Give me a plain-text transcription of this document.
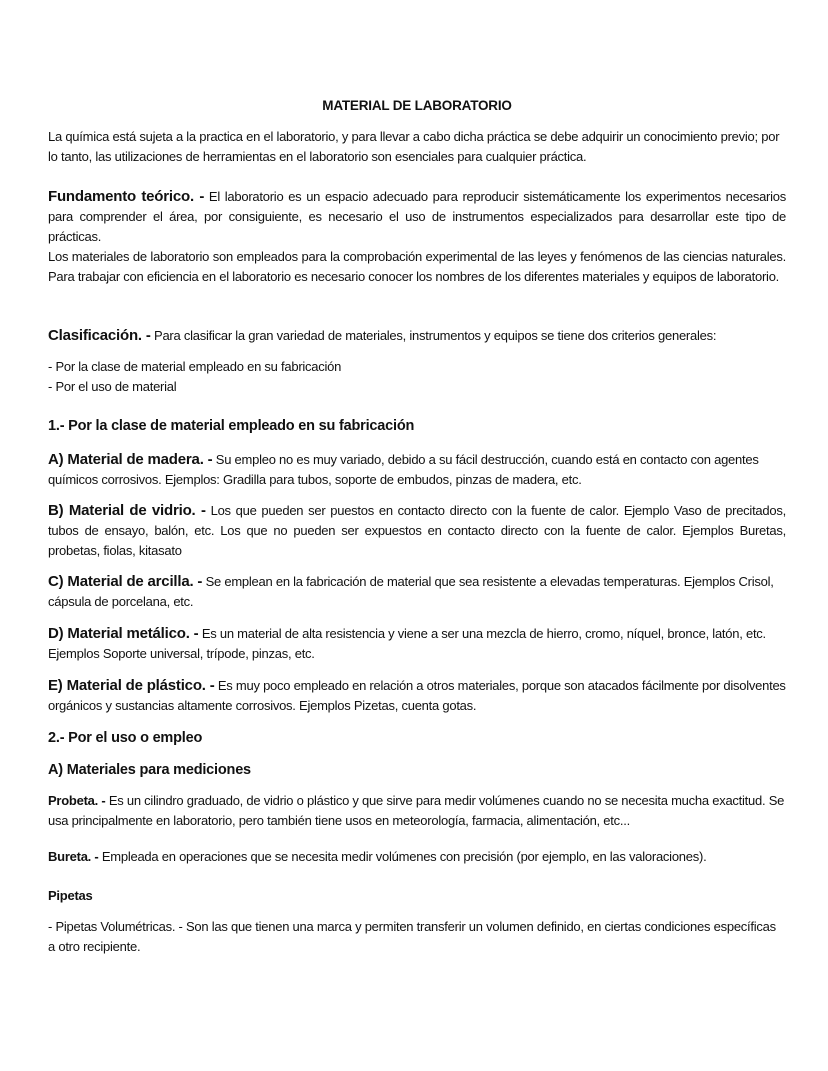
MATERIAL DE LABORATORIO

La química está sujeta a la practica en el laboratorio, y para llevar a cabo dicha práctica se debe adquirir un conocimiento previo; por lo tanto, las utilizaciones de herramientas en el laboratorio son esenciales para cualquier práctica.

Fundamento teórico. - El laboratorio es un espacio adecuado para reproducir sistemáticamente los experimentos necesarios para comprender el área, por consiguiente, es necesario el uso de instrumentos especializados para desarrollar este tipo de prácticas.

Los materiales de laboratorio son empleados para la comprobación experimental de las leyes y fenómenos de las ciencias naturales. Para trabajar con eficiencia en el laboratorio es necesario conocer los nombres de los diferentes materiales y equipos de laboratorio.

Clasificación. - Para clasificar la gran variedad de materiales, instrumentos y equipos se tiene dos criterios generales:

- Por la clase de material empleado en su fabricación

- Por el uso de material

1.- Por la clase de material empleado en su fabricación

A) Material de madera. - Su empleo no es muy variado, debido a su fácil destrucción, cuando está en contacto con agentes químicos corrosivos. Ejemplos: Gradilla para tubos, soporte de embudos, pinzas de madera, etc.

B) Material de vidrio. - Los que pueden ser puestos en contacto directo con la fuente de calor. Ejemplo Vaso de precitados, tubos de ensayo, balón, etc. Los que no pueden ser expuestos en contacto directo con la fuente de calor. Ejemplos Buretas, probetas, fiolas, kitasato

C) Material de arcilla. - Se emplean en la fabricación de material que sea resistente a elevadas temperaturas. Ejemplos Crisol, cápsula de porcelana, etc.

D) Material metálico. - Es un material de alta resistencia y viene a ser una mezcla de hierro, cromo, níquel, bronce, latón, etc. Ejemplos Soporte universal, trípode, pinzas, etc.

E) Material de plástico. - Es muy poco empleado en relación a otros materiales, porque son atacados fácilmente por disolventes orgánicos y sustancias altamente corrosivos. Ejemplos Pizetas, cuenta gotas.

2.- Por el uso o empleo
A) Materiales para mediciones

Probeta. - Es un cilindro graduado, de vidrio o plástico y que sirve para medir volúmenes cuando no se necesita mucha exactitud. Se usa principalmente en laboratorio, pero también tiene usos en meteorología, farmacia, alimentación, etc...

Bureta. - Empleada en operaciones que se necesita medir volúmenes con precisión (por ejemplo, en las valoraciones).

Pipetas

- Pipetas Volumétricas. - Son las que tienen una marca y permiten transferir un volumen definido, en ciertas condiciones específicas a otro recipiente.
